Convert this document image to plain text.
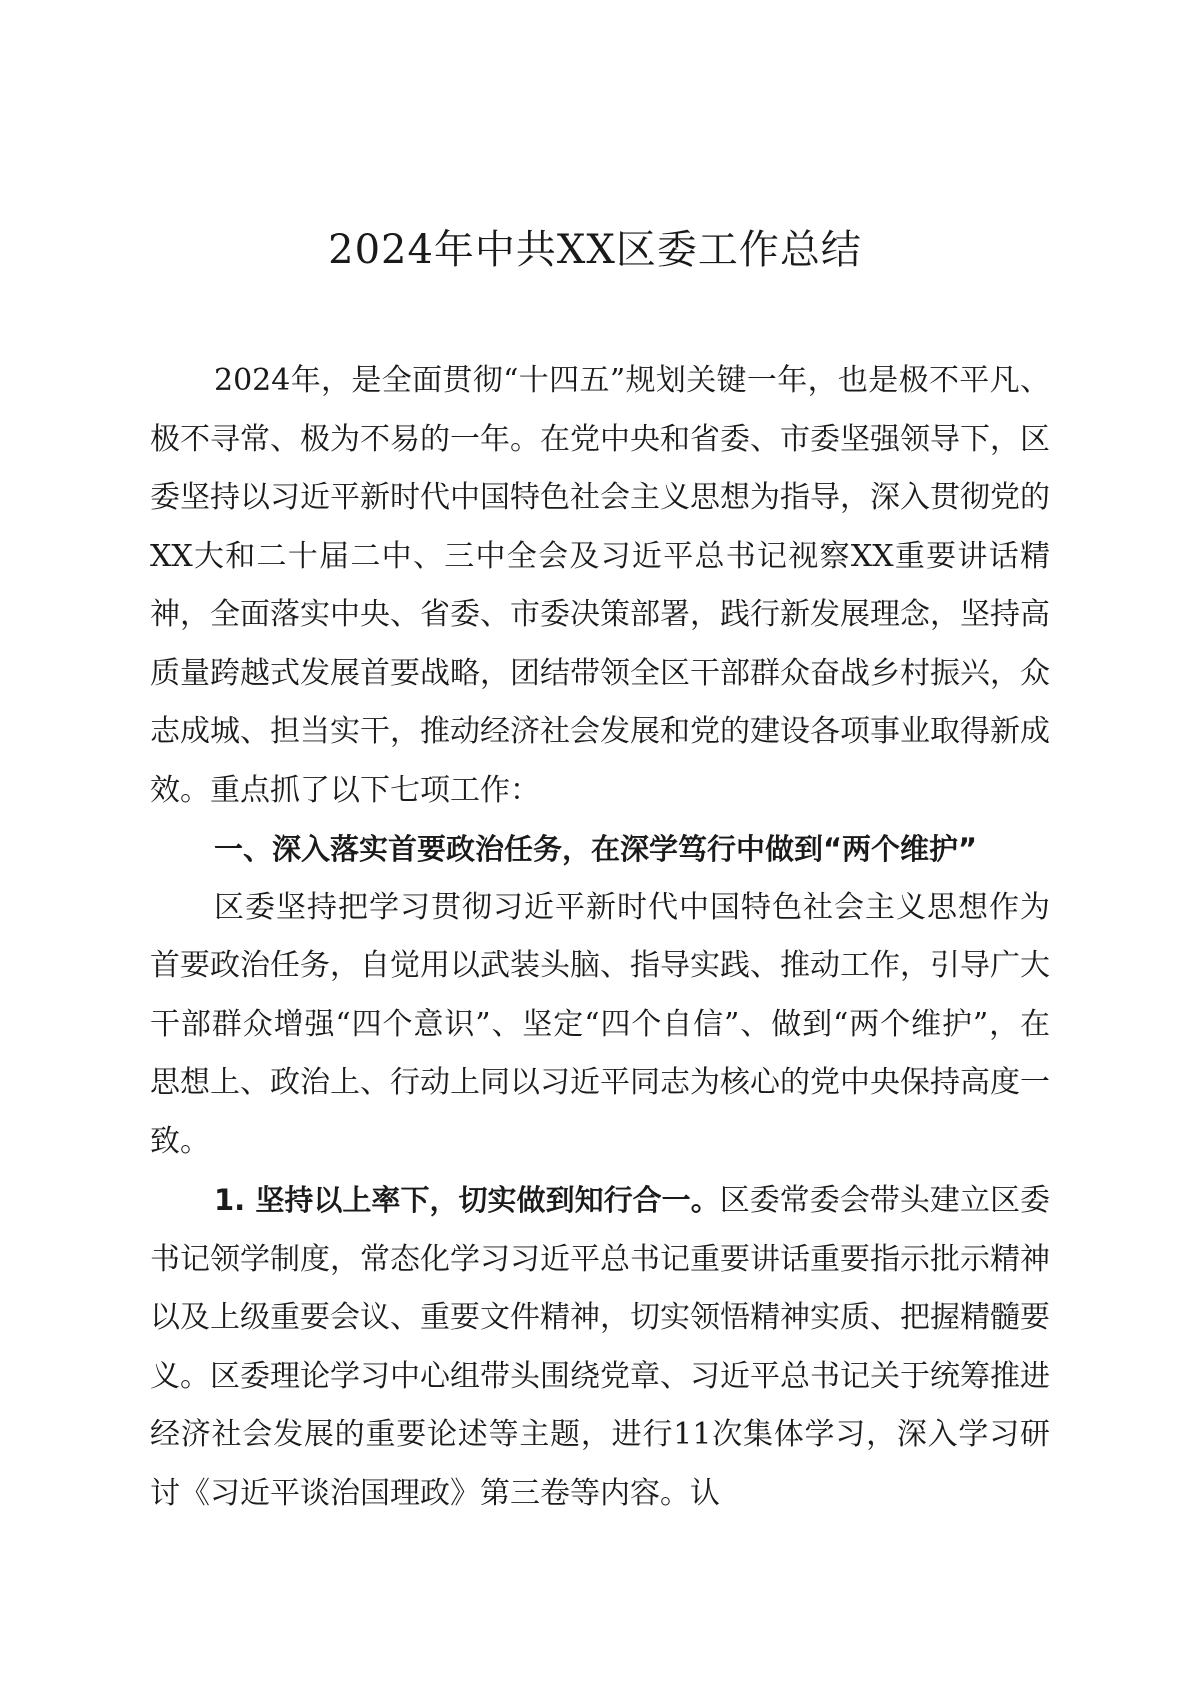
2024年中共XX区委工作总结

2024年，是全面贯彻“十四五”规划关键一年，也是极不平凡、极不寻常、极为不易的一年。在党中央和省委、市委坚强领导下，区委坚持以习近平新时代中国特色社会主义思想为指导，深入贯彻党的XX大和二十届二中、三中全会及习近平总书记视察XX重要讲话精神，全面落实中央、省委、市委决策部署，践行新发展理念，坚持高质量跨越式发展首要战略，团结带领全区干部群众奋战乡村振兴，众志成城、担当实干，推动经济社会发展和党的建设各项事业取得新成效。重点抓了以下七项工作：

一、深入落实首要政治任务，在深学笃行中做到“两个维护”

区委坚持把学习贯彻习近平新时代中国特色社会主义思想作为首要政治任务，自觉用以武装头脑、指导实践、推动工作，引导广大干部群众增强“四个意识”、坚定“四个自信”、做到“两个维护”，在思想上、政治上、行动上同以习近平同志为核心的党中央保持高度一致。

1. 坚持以上率下，切实做到知行合一。区委常委会带头建立区委书记领学制度，常态化学习习近平总书记重要讲话重要指示批示精神以及上级重要会议、重要文件精神，切实领悟精神实质、把握精髓要义。区委理论学习中心组带头围绕党章、习近平总书记关于统筹推进经济社会发展的重要论述等主题，进行11次集体学习，深入学习研讨《习近平谈治国理政》第三卷等内容。认
